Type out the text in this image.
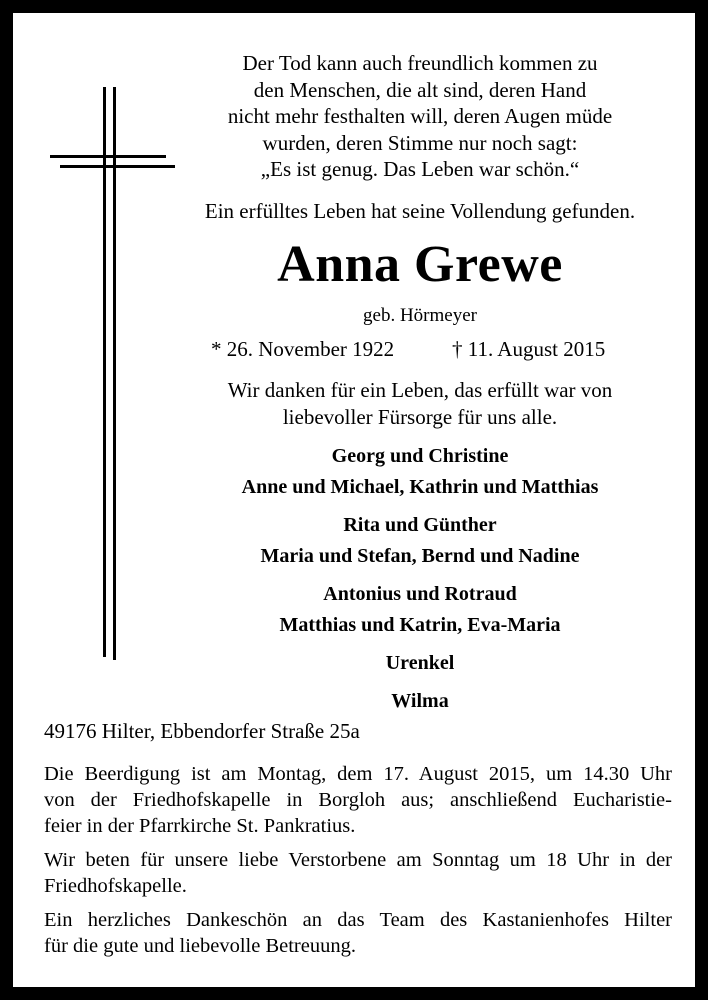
Der Tod kann auch freundlich kommen zu
den Menschen, die alt sind, deren Hand
nicht mehr festhalten will, deren Augen müde
wurden, deren Stimme nur noch sagt:
„Es ist genug. Das Leben war schön.“
Ein erfülltes Leben hat seine Vollendung gefunden.
Anna Grewe
geb. Hörmeyer
* 26. November 1922	† 11. August 2015
Wir danken für ein Leben, das erfüllt war von
liebevoller Fürsorge für uns alle.
Georg und Christine
Anne und Michael, Kathrin und Matthias
Rita und Günther
Maria und Stefan, Bernd und Nadine
Antonius und Rotraud
Matthias und Katrin, Eva-Maria
Urenkel
Wilma
49176 Hilter, Ebbendorfer Straße 25a
Die Beerdigung ist am Montag, dem 17. August 2015, um 14.30 Uhr
von der Friedhofskapelle in Borgloh aus; anschließend Eucharistie-
feier in der Pfarrkirche St. Pankratius.
Wir beten für unsere liebe Verstorbene am Sonntag um 18 Uhr in der
Friedhofskapelle.
Ein herzliches Dankeschön an das Team des Kastanienhofes Hilter
für die gute und liebevolle Betreuung.
